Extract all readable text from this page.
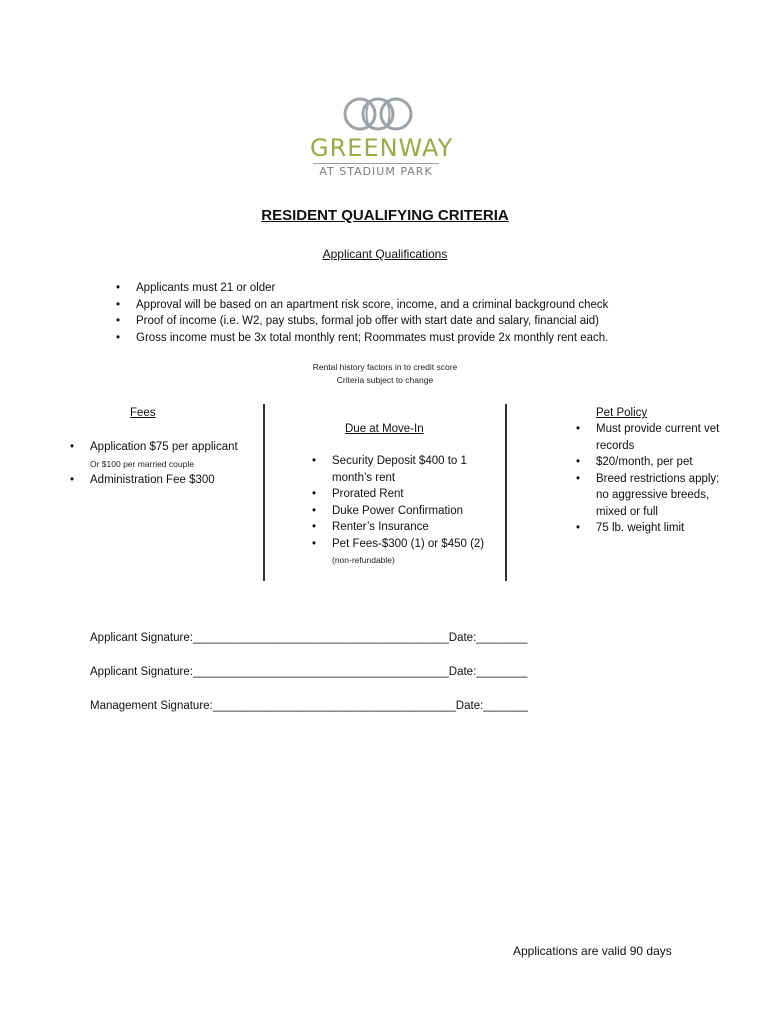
GREENWAY
AT STADIUM PARK
RESIDENT QUALIFYING CRITERIA
Applicant Qualifications
• Applicants must 21 or older
• Approval will be based on an apartment risk score, income, and a criminal background check
• Proof of income (i.e. W2, pay stubs, formal job offer with start date and salary, financial aid)
• Gross income must be 3x total monthly rent; Roommates must provide 2x monthly rent each.
Rental history factors in to credit score
Criteria subject to change
Fees
• Application $75 per applicant
Or $100 per married couple
• Administration Fee $300
Due at Move-In
• Security Deposit $400 to 1
month’s rent
• Prorated Rent
• Duke Power Confirmation
• Renter’s Insurance
• Pet Fees-$300 (1) or $450 (2)
(non-refundable)
Pet Policy
• Must provide current vet
records
• $20/month, per pet
• Breed restrictions apply;
no aggressive breeds,
mixed or full
• 75 lb. weight limit
Applicant Signature:________________________________________Date:________
Applicant Signature:________________________________________Date:________
Management Signature:______________________________________Date:_______
Applications are valid 90 days
